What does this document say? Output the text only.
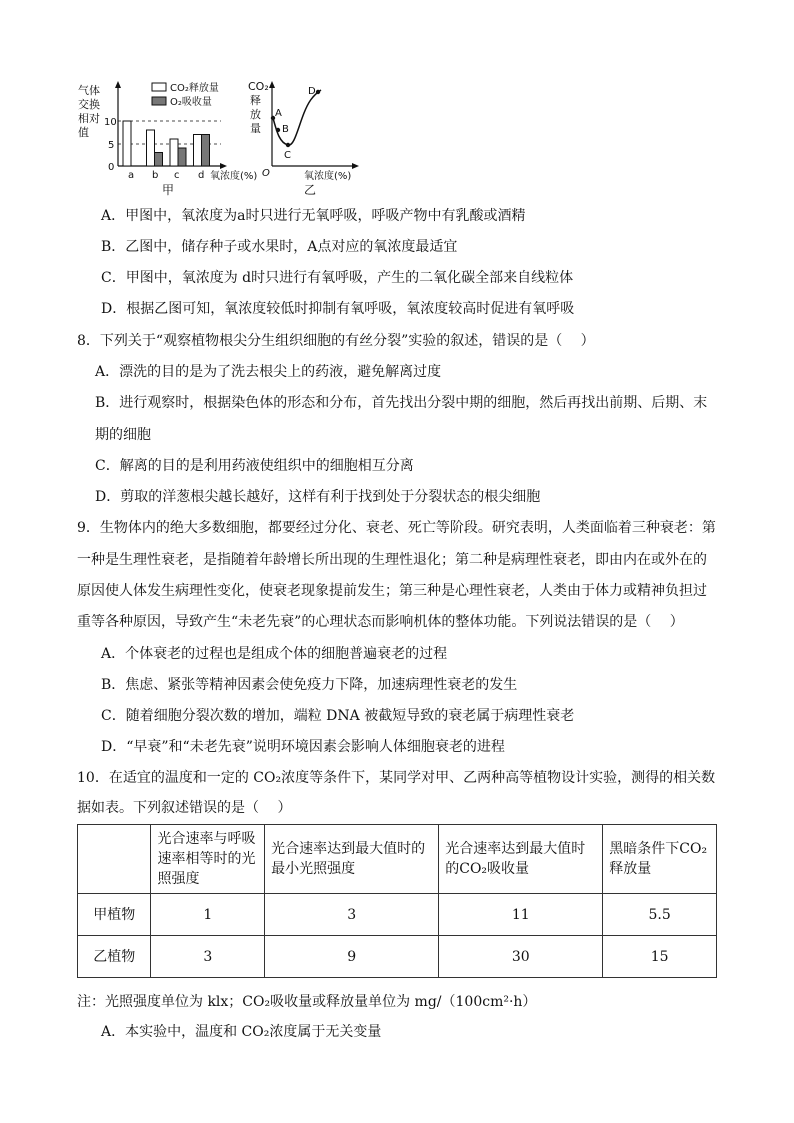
气体
交换
相对
值
CO₂释放量
O₂吸收量
10
5
0
a b c d 氧浓度(%)
甲
CO₂
释
放
量
A
B
C
D
O	氧浓度(%)
乙
A．甲图中，氧浓度为a时只进行无氧呼吸，呼吸产物中有乳酸或酒精
B．乙图中，储存种子或水果时，A点对应的氧浓度最适宜
C．甲图中，氧浓度为 d时只进行有氧呼吸，产生的二氧化碳全部来自线粒体
D．根据乙图可知，氧浓度较低时抑制有氧呼吸，氧浓度较高时促进有氧呼吸
8．下列关于“观察植物根尖分生组织细胞的有丝分裂”实验的叙述，错误的是（　 ）
A．漂洗的目的是为了洗去根尖上的药液，避免解离过度
B．进行观察时，根据染色体的形态和分布，首先找出分裂中期的细胞，然后再找出前期、后期、末
期的细胞
C．解离的目的是利用药液使组织中的细胞相互分离
D．剪取的洋葱根尖越长越好，这样有利于找到处于分裂状态的根尖细胞
9．生物体内的绝大多数细胞，都要经过分化、衰老、死亡等阶段。研究表明，人类面临着三种衰老：第
一种是生理性衰老，是指随着年龄增长所出现的生理性退化；第二种是病理性衰老，即由内在或外在的
原因使人体发生病理性变化，使衰老现象提前发生；第三种是心理性衰老，人类由于体力或精神负担过
重等各种原因，导致产生“未老先衰”的心理状态而影响机体的整体功能。下列说法错误的是（　 ）
A．个体衰老的过程也是组成个体的细胞普遍衰老的过程
B．焦虑、紧张等精神因素会使免疫力下降，加速病理性衰老的发生
C．随着细胞分裂次数的增加，端粒 DNA 被截短导致的衰老属于病理性衰老
D．“早衰”和“未老先衰”说明环境因素会影响人体细胞衰老的进程
10．在适宜的温度和一定的 CO₂浓度等条件下，某同学对甲、乙两种高等植物设计实验，测得的相关数
据如表。下列叙述错误的是（　 ）
	光合速率与呼吸速率相等时的光照强度	光合速率达到最大值时的最小光照强度	光合速率达到最大值时的CO₂吸收量	黑暗条件下CO₂释放量
甲植物	1	3	11	5.5
乙植物	3	9	30	15
注：光照强度单位为 klx；CO₂吸收量或释放量单位为 mg/（100cm²·h）
A．本实验中，温度和 CO₂浓度属于无关变量
